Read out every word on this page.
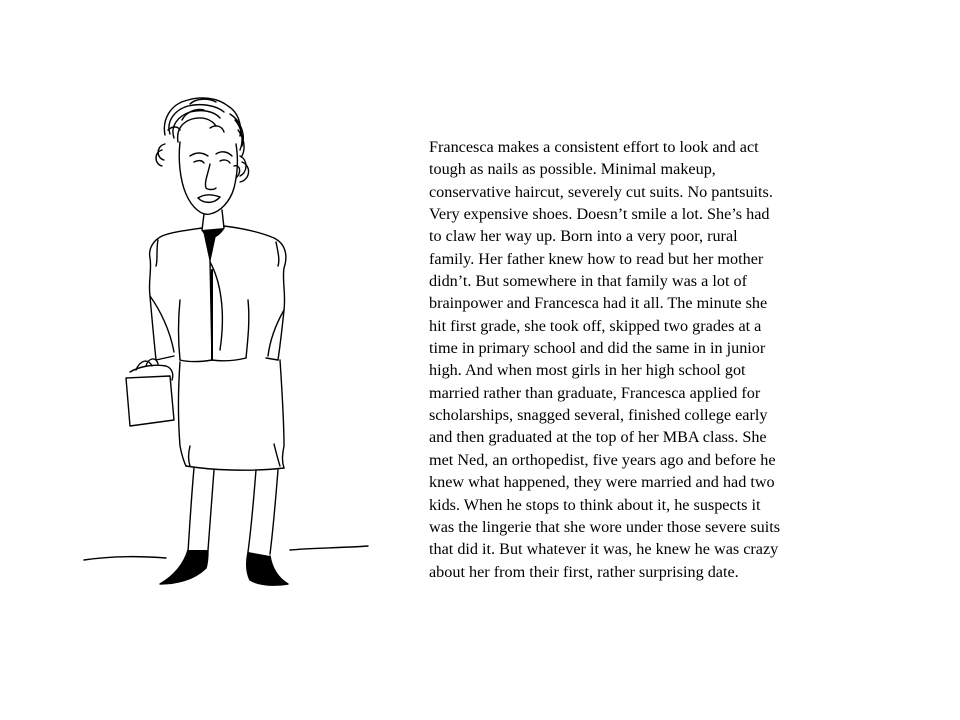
Francesca makes a consistent effort to look and act

tough as nails as possible. Minimal makeup,

conservative haircut, severely cut suits. No pantsuits.

Very expensive shoes. Doesn’t smile a lot. She’s had

to claw her way up. Born into a very poor, rural

family. Her father knew how to read but her mother

didn’t. But somewhere in that family was a lot of

brainpower and Francesca had it all. The minute she

hit first grade, she took off, skipped two grades at a

time in primary school and did the same in in junior

high. And when most girls in her high school got

married rather than graduate, Francesca applied for

scholarships, snagged several, finished college early

and then graduated at the top of her MBA class. She

met Ned, an orthopedist, five years ago and before he

knew what happened, they were married and had two

kids. When he stops to think about it, he suspects it

was the lingerie that she wore under those severe suits

that did it. But whatever it was, he knew he was crazy

about her from their first, rather surprising date.
